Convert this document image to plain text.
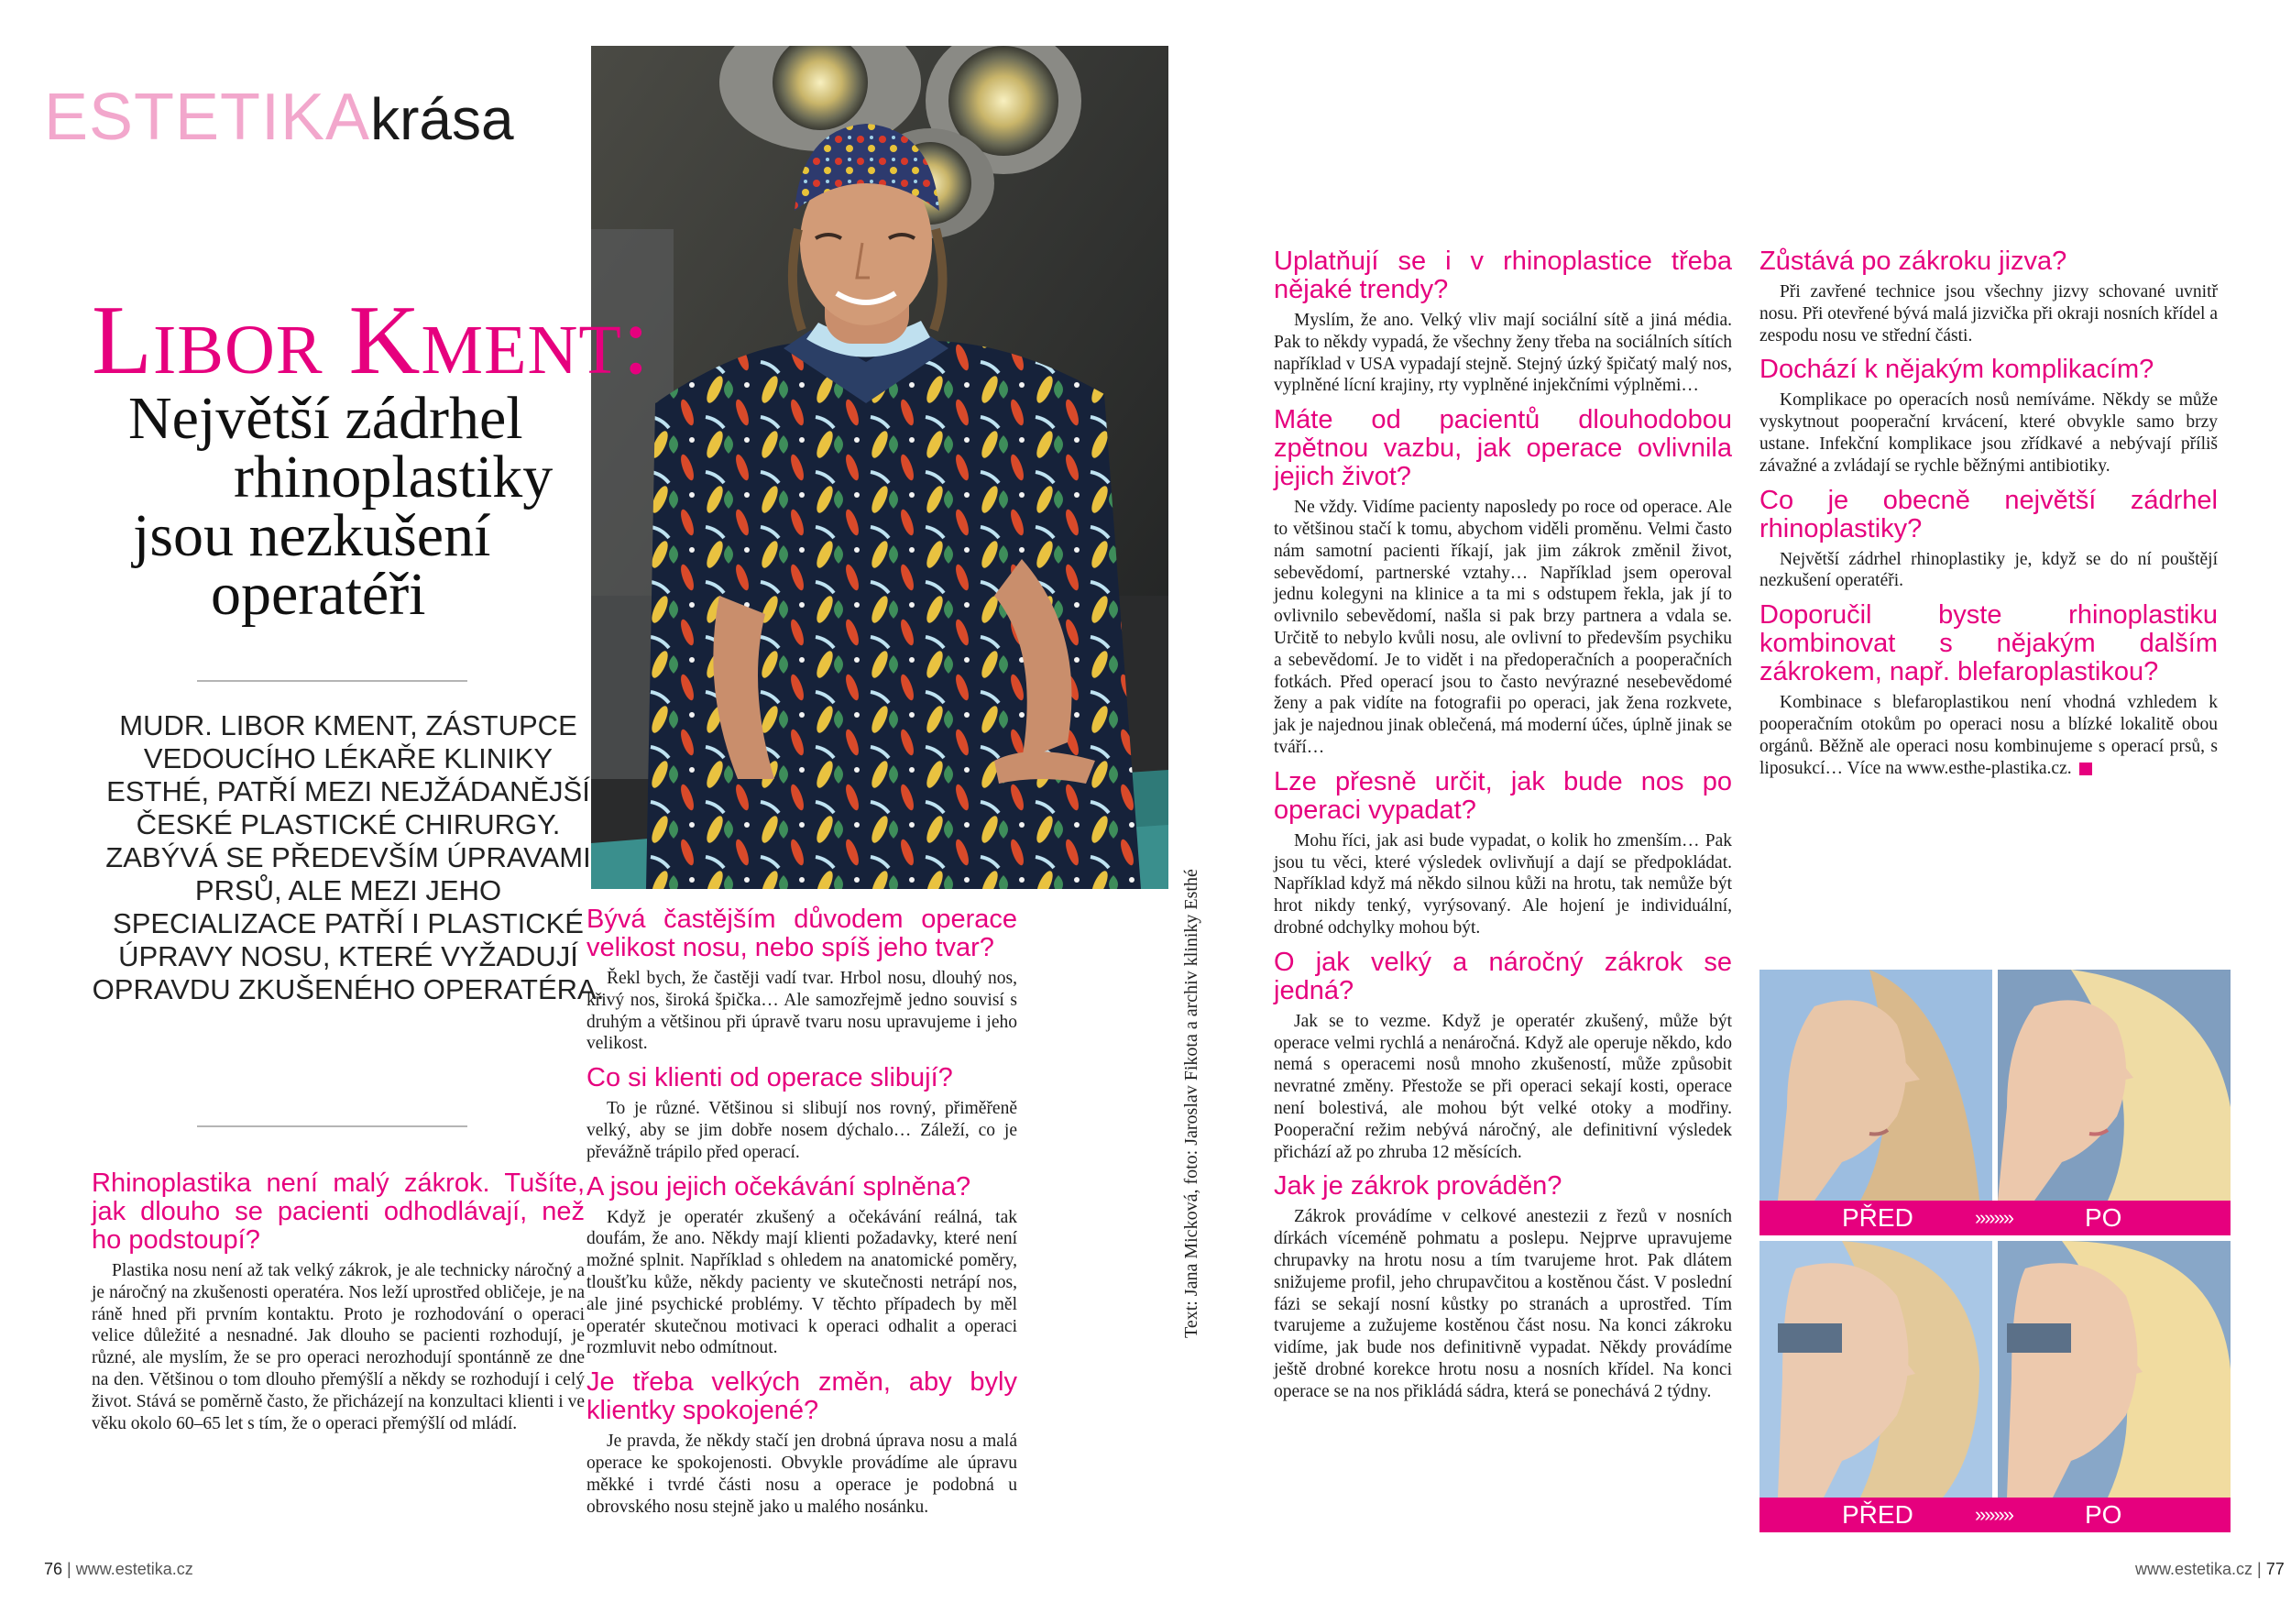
ESTETIKAkrása
Libor Kment:
Největší zádrhel
rhinoplastiky
jsou nezkušení
operatéři
MUDR. LIBOR KMENT, ZÁSTUPCE VEDOUCÍHO LÉKAŘE KLINIKY ESTHÉ, PATŘÍ MEZI NEJŽÁDANĚJŠÍ ČESKÉ PLASTICKÉ CHIRURGY. ZABÝVÁ SE PŘEDEVŠÍM ÚPRAVAMI PRSŮ, ALE MEZI JEHO SPECIALIZACE PATŘÍ I PLASTICKÉ ÚPRAVY NOSU, KTERÉ VYŽADUJÍ OPRAVDU ZKUŠENÉHO OPERATÉRA.
Rhinoplastika není malý zákrok. Tušíte, jak dlouho se pacienti odhodlávají, než ho podstoupí?

Plastika nosu není až tak velký zákrok, je ale technicky náročný a je náročný na zkušenosti operatéra. Nos leží uprostřed obličeje, je na ráně hned při prvním kontaktu. Proto je rozhodování o operaci velice důležité a nesnadné. Jak dlouho se pacienti rozhodují, je různé, ale myslím, že se pro operaci nerozhodují spontánně ze dne na den. Většinou o tom dlouho přemýšlí a někdy se rozhodují i celý život. Stává se poměrně často, že přicházejí na konzultaci klienti i ve věku okolo 60–65 let s tím, že o operaci přemýšlí od mládí.

Bývá častějším důvodem operace velikost nosu, nebo spíš jeho tvar?

Řekl bych, že častěji vadí tvar. Hrbol nosu, dlouhý nos, křivý nos, široká špička… Ale samozřejmě jedno souvisí s druhým a většinou při úpravě tvaru nosu upravujeme i jeho velikost.

Co si klienti od operace slibují?

To je různé. Většinou si slibují nos rovný, přiměřeně velký, aby se jim dobře nosem dýchalo… Záleží, co je převážně trápilo před operací.

A jsou jejich očekávání splněna?

Když je operatér zkušený a očekávání reálná, tak doufám, že ano. Někdy mají klienti požadavky, které není možné splnit. Například s ohledem na anatomické poměry, tloušťku kůže, někdy pacienty ve skutečnosti netrápí nos, ale jiné psychické problémy. V těchto případech by měl operatér skutečnou motivaci k operaci odhalit a operaci rozmluvit nebo odmítnout.

Je třeba velkých změn, aby byly klientky spokojené?

Je pravda, že někdy stačí jen drobná úprava nosu a malá operace ke spokojenosti. Obvykle provádíme ale úpravu měkké i tvrdé části nosu a operace je podobná u obrovského nosu stejně jako u malého nosánku.

Text: Jana Micková, foto: Jaroslav Fikota a archiv kliniky Esthé
Uplatňují se i v rhinoplastice třeba nějaké trendy?

Myslím, že ano. Velký vliv mají sociální sítě a jiná média. Pak to někdy vypadá, že všechny ženy třeba na sociálních sítích například v USA vypadají stejně. Stejný úzký špičatý malý nos, vyplněné lícní krajiny, rty vyplněné injekčními výplněmi…

Máte od pacientů dlouhodobou zpětnou vazbu, jak operace ovlivnila jejich život?

Ne vždy. Vidíme pacienty naposledy po roce od operace. Ale to většinou stačí k tomu, abychom viděli proměnu. Velmi často nám samotní pacienti říkají, jak jim zákrok změnil život, sebevědomí, partnerské vztahy… Například jsem operoval jednu kolegyni na klinice a ta mi s odstupem řekla, jak jí to ovlivnilo sebevědomí, našla si pak brzy partnera a vdala se. Určitě to nebylo kvůli nosu, ale ovlivní to především psychiku a sebevědomí. Je to vidět i na předoperačních a pooperačních fotkách. Před operací jsou to často nevýrazné nesebevědomé ženy a pak vidíte na fotografii po operaci, jak žena rozkvete, jak je najednou jinak oblečená, má moderní účes, úplně jinak se tváří…

Lze přesně určit, jak bude nos po operaci vypadat?

Mohu říci, jak asi bude vypadat, o kolik ho zmenším… Pak jsou tu věci, které výsledek ovlivňují a dají se předpokládat. Například když má někdo silnou kůži na hrotu, tak nemůže být hrot nikdy tenký, vyrýsovaný. Ale hojení je individuální, drobné odchylky mohou být.

O jak velký a náročný zákrok se jedná?

Jak se to vezme. Když je operatér zkušený, může být operace velmi rychlá a nenáročná. Když ale operuje někdo, kdo nemá s operacemi nosů mnoho zkušeností, může způsobit nevratné změny. Přestože se při operaci sekají kosti, operace není bolestivá, ale mohou být velké otoky a modřiny. Pooperační režim nebývá náročný, ale definitivní výsledek přichází až po zhruba 12 měsících.

Jak je zákrok prováděn?

Zákrok provádíme v celkové anestezii z řezů v nosních dírkách víceméně pohmatu a poslepu. Nejprve upravujeme chrupavky na hrotu nosu a tím tvarujeme hrot. Pak dlátem snižujeme profil, jeho chrupavčitou a kostěnou část. V poslední fázi se sekají nosní kůstky po stranách a uprostřed. Tím tvarujeme a zužujeme kostěnou část nosu. Na konci zákroku vidíme, jak bude nos definitivně vypadat. Někdy provádíme ještě drobné korekce hrotu nosu a nosních křídel. Na konci operace se na nos přikládá sádra, která se ponechává 2 týdny.

Zůstává po zákroku jizva?

Při zavřené technice jsou všechny jizvy schované uvnitř nosu. Při otevřené bývá malá jizvička při okraji nosních křídel a zespodu nosu ve střední části.

Dochází k nějakým komplikacím?

Komplikace po operacích nosů nemíváme. Někdy se může vyskytnout pooperační krvácení, které obvykle samo brzy ustane. Infekční komplikace jsou zřídkavé a nebývají příliš závažné a zvládají se rychle běžnými antibiotiky.

Co je obecně největší zádrhel rhinoplastiky?

Největší zádrhel rhinoplastiky je, když se do ní pouštějí nezkušení operatéři.

Doporučil byste rhinoplastiku kombinovat s nějakým dalším zákrokem, např. blefaroplastikou?

Kombinace s blefaroplastikou není vhodná vzhledem k pooperačním otokům po operaci nosu a blízké lokalitě obou orgánů. Běžně ale operaci nosu kombinujeme s operací prsů, s liposukcí… Více na www.esthe-plastika.cz.

PŘED	»»»»	PO
PŘED	»»»»	PO
76 | www.estetika.cz	www.estetika.cz | 77
